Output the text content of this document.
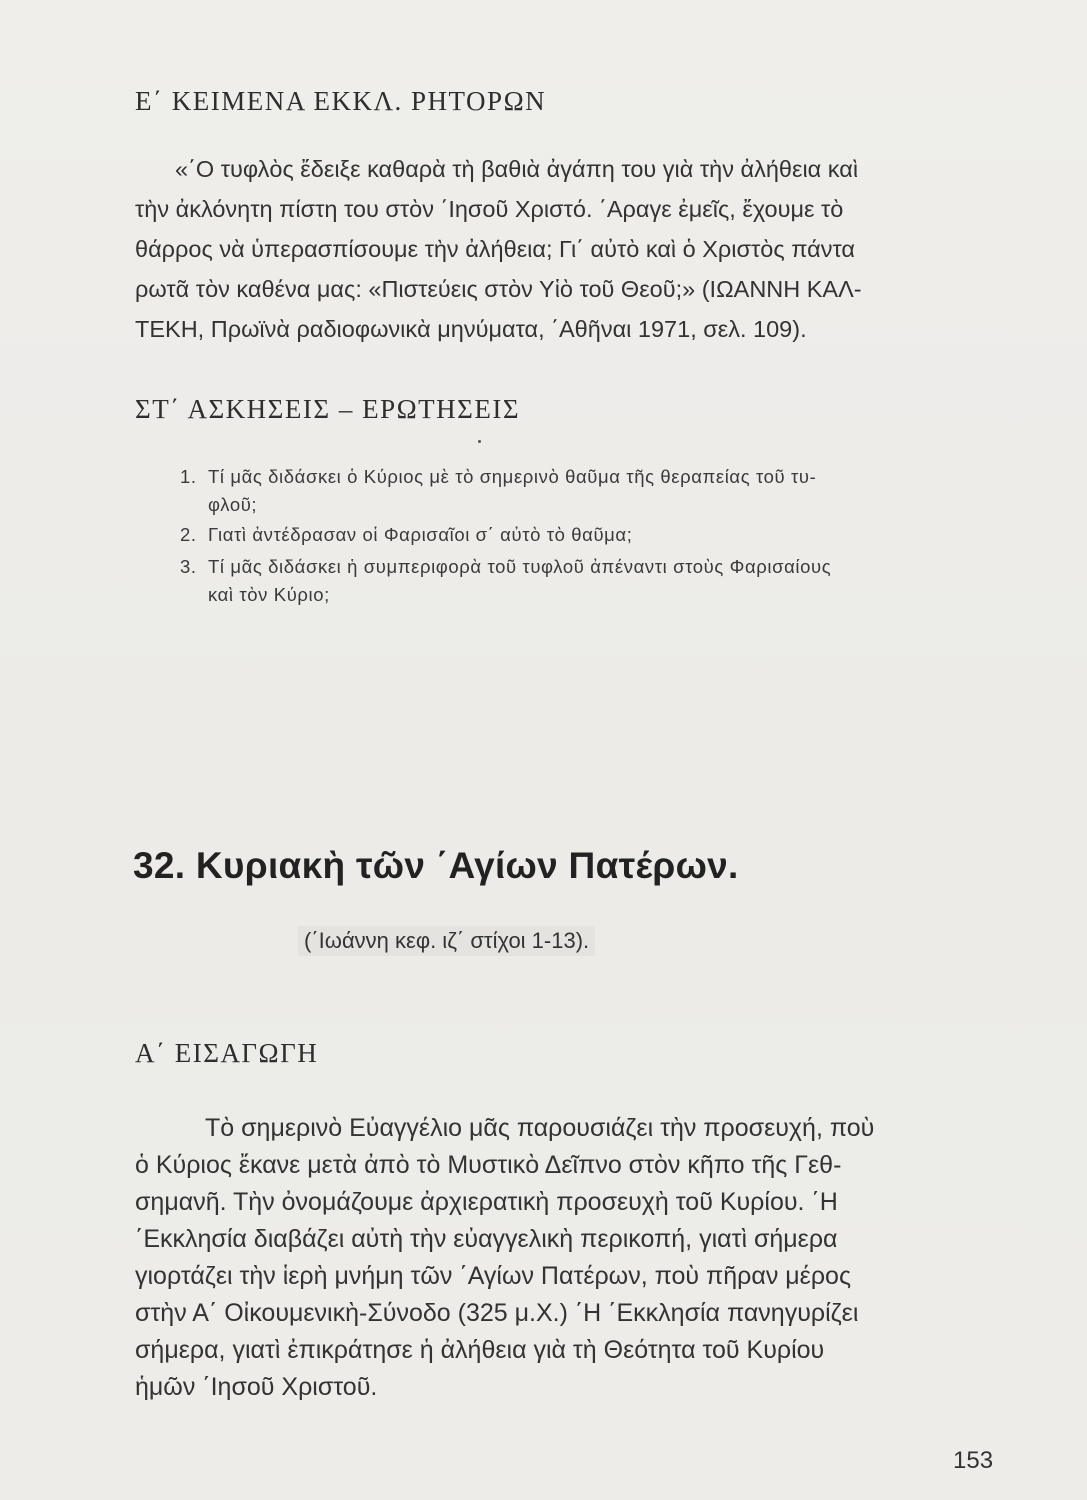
Ε΄ ΚΕΙΜΕΝΑ ΕΚΚΛ. ΡΗΤΟΡΩΝ
«΄Ο τυφλὸς ἔδειξε καθαρὰ τὴ βαθιὰ ἀγάπη του γιὰ τὴν ἀλήθεια καὶ
τὴν ἀκλόνητη πίστη του στὸν ΄Ιησοῦ Χριστό. ΄Αραγε ἐμεῖς, ἔχουμε τὸ
θάρρος νὰ ὑπερασπίσουμε τὴν ἀλήθεια; Γι΄ αὐτὸ καὶ ὁ Χριστὸς πάντα
ρωτᾶ τὸν καθένα μας: «Πιστεύεις στὸν Υἱὸ τοῦ Θεοῦ;» (ΙΩΑΝΝΗ ΚΑΛ-
ΤΕΚΗ, Πρωϊνὰ ραδιοφωνικὰ μηνύματα, ΄Αθῆναι 1971, σελ. 109).
ΣΤ΄ ΑΣΚΗΣΕΙΣ – ΕΡΩΤΗΣΕΙΣ
1. Τί μᾶς διδάσκει ὁ Κύριος μὲ τὸ σημερινὸ θαῦμα τῆς θεραπείας τοῦ τυ-
φλοῦ;
2. Γιατὶ ἀντέδρασαν οἱ Φαρισαῖοι σ΄ αὐτὸ τὸ θαῦμα;
3. Τί μᾶς διδάσκει ἡ συμπεριφορὰ τοῦ τυφλοῦ ἀπέναντι στοὺς Φαρισαίους
καὶ τὸν Κύριο;
32. Κυριακὴ τῶν ΄Αγίων Πατέρων.
(΄Ιωάννη κεφ. ιζ΄ στίχοι 1-13).
Α΄ ΕΙΣΑΓΩΓΗ
Τὸ σημερινὸ Εὐαγγέλιο μᾶς παρουσιάζει τὴν προσευχή, ποὺ
ὁ Κύριος ἔκανε μετὰ ἀπὸ τὸ Μυστικὸ Δεῖπνο στὸν κῆπο τῆς Γεθ-
σημανῆ. Τὴν ὀνομάζουμε ἀρχιερατικὴ προσευχὴ τοῦ Κυρίου. ΄Η
΄Εκκλησία διαβάζει αὐτὴ τὴν εὐαγγελικὴ περικοπή, γιατὶ σήμερα
γιορτάζει τὴν ἱερὴ μνήμη τῶν ΄Αγίων Πατέρων, ποὺ πῆραν μέρος
στὴν Α΄ Οἰκουμενικὴ-Σύνοδο (325 μ.Χ.) ΄Η ΄Εκκλησία πανηγυρίζει
σήμερα, γιατὶ ἐπικράτησε ἡ ἀλήθεια γιὰ τὴ Θεότητα τοῦ Κυρίου
ἡμῶν ΄Ιησοῦ Χριστοῦ.
153
